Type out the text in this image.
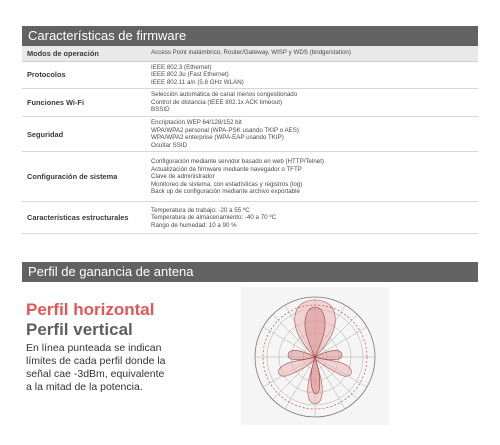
Características de firmware
Modos de operación	Access Point inalámbrico, Router/Gateway, WISP y WDS (bridge/station)

Protocolos	IEEE 802.3 (Ethernet)
IEEE 802.3u (Fast Ethernet)
IEEE 802.11 a/n (5.8 GHz WLAN)

Funciones Wi-Fi	Selección automática de canal menos congestionado
Control de distancia (IEEE 802.1x ACK timeout)
BSSID

Seguridad	Encriptación WEP 64/128/152 bit
WPA/WPA2 personal (WPA-PSK usando TKIP o AES)
WPA/WPA2 enterprise (WPA-EAP usando TKIP)
Ocultar SSID

Configuración de sistema	Configuración mediante servidor basado en web (HTTP/Telnet)
Actualización de firmware mediante navegador o TFTP
Clave de administrador
Monitoreo de sistema, con estadísticas y registros (log)
Back up de configuración mediante archivo exportable

Características estructurales	Temperatura de trabajo: -20 a 55 ºC
Temperatura de almacenamiento: -40 a 70 ºC
Rango de humedad: 10 a 90 %
Perfil de ganancia de antena
Perfil horizontal
Perfil vertical
En línea punteada se indican límites de cada perfil donde la señal cae -3dBm, equivalente a la mitad de la potencia.
